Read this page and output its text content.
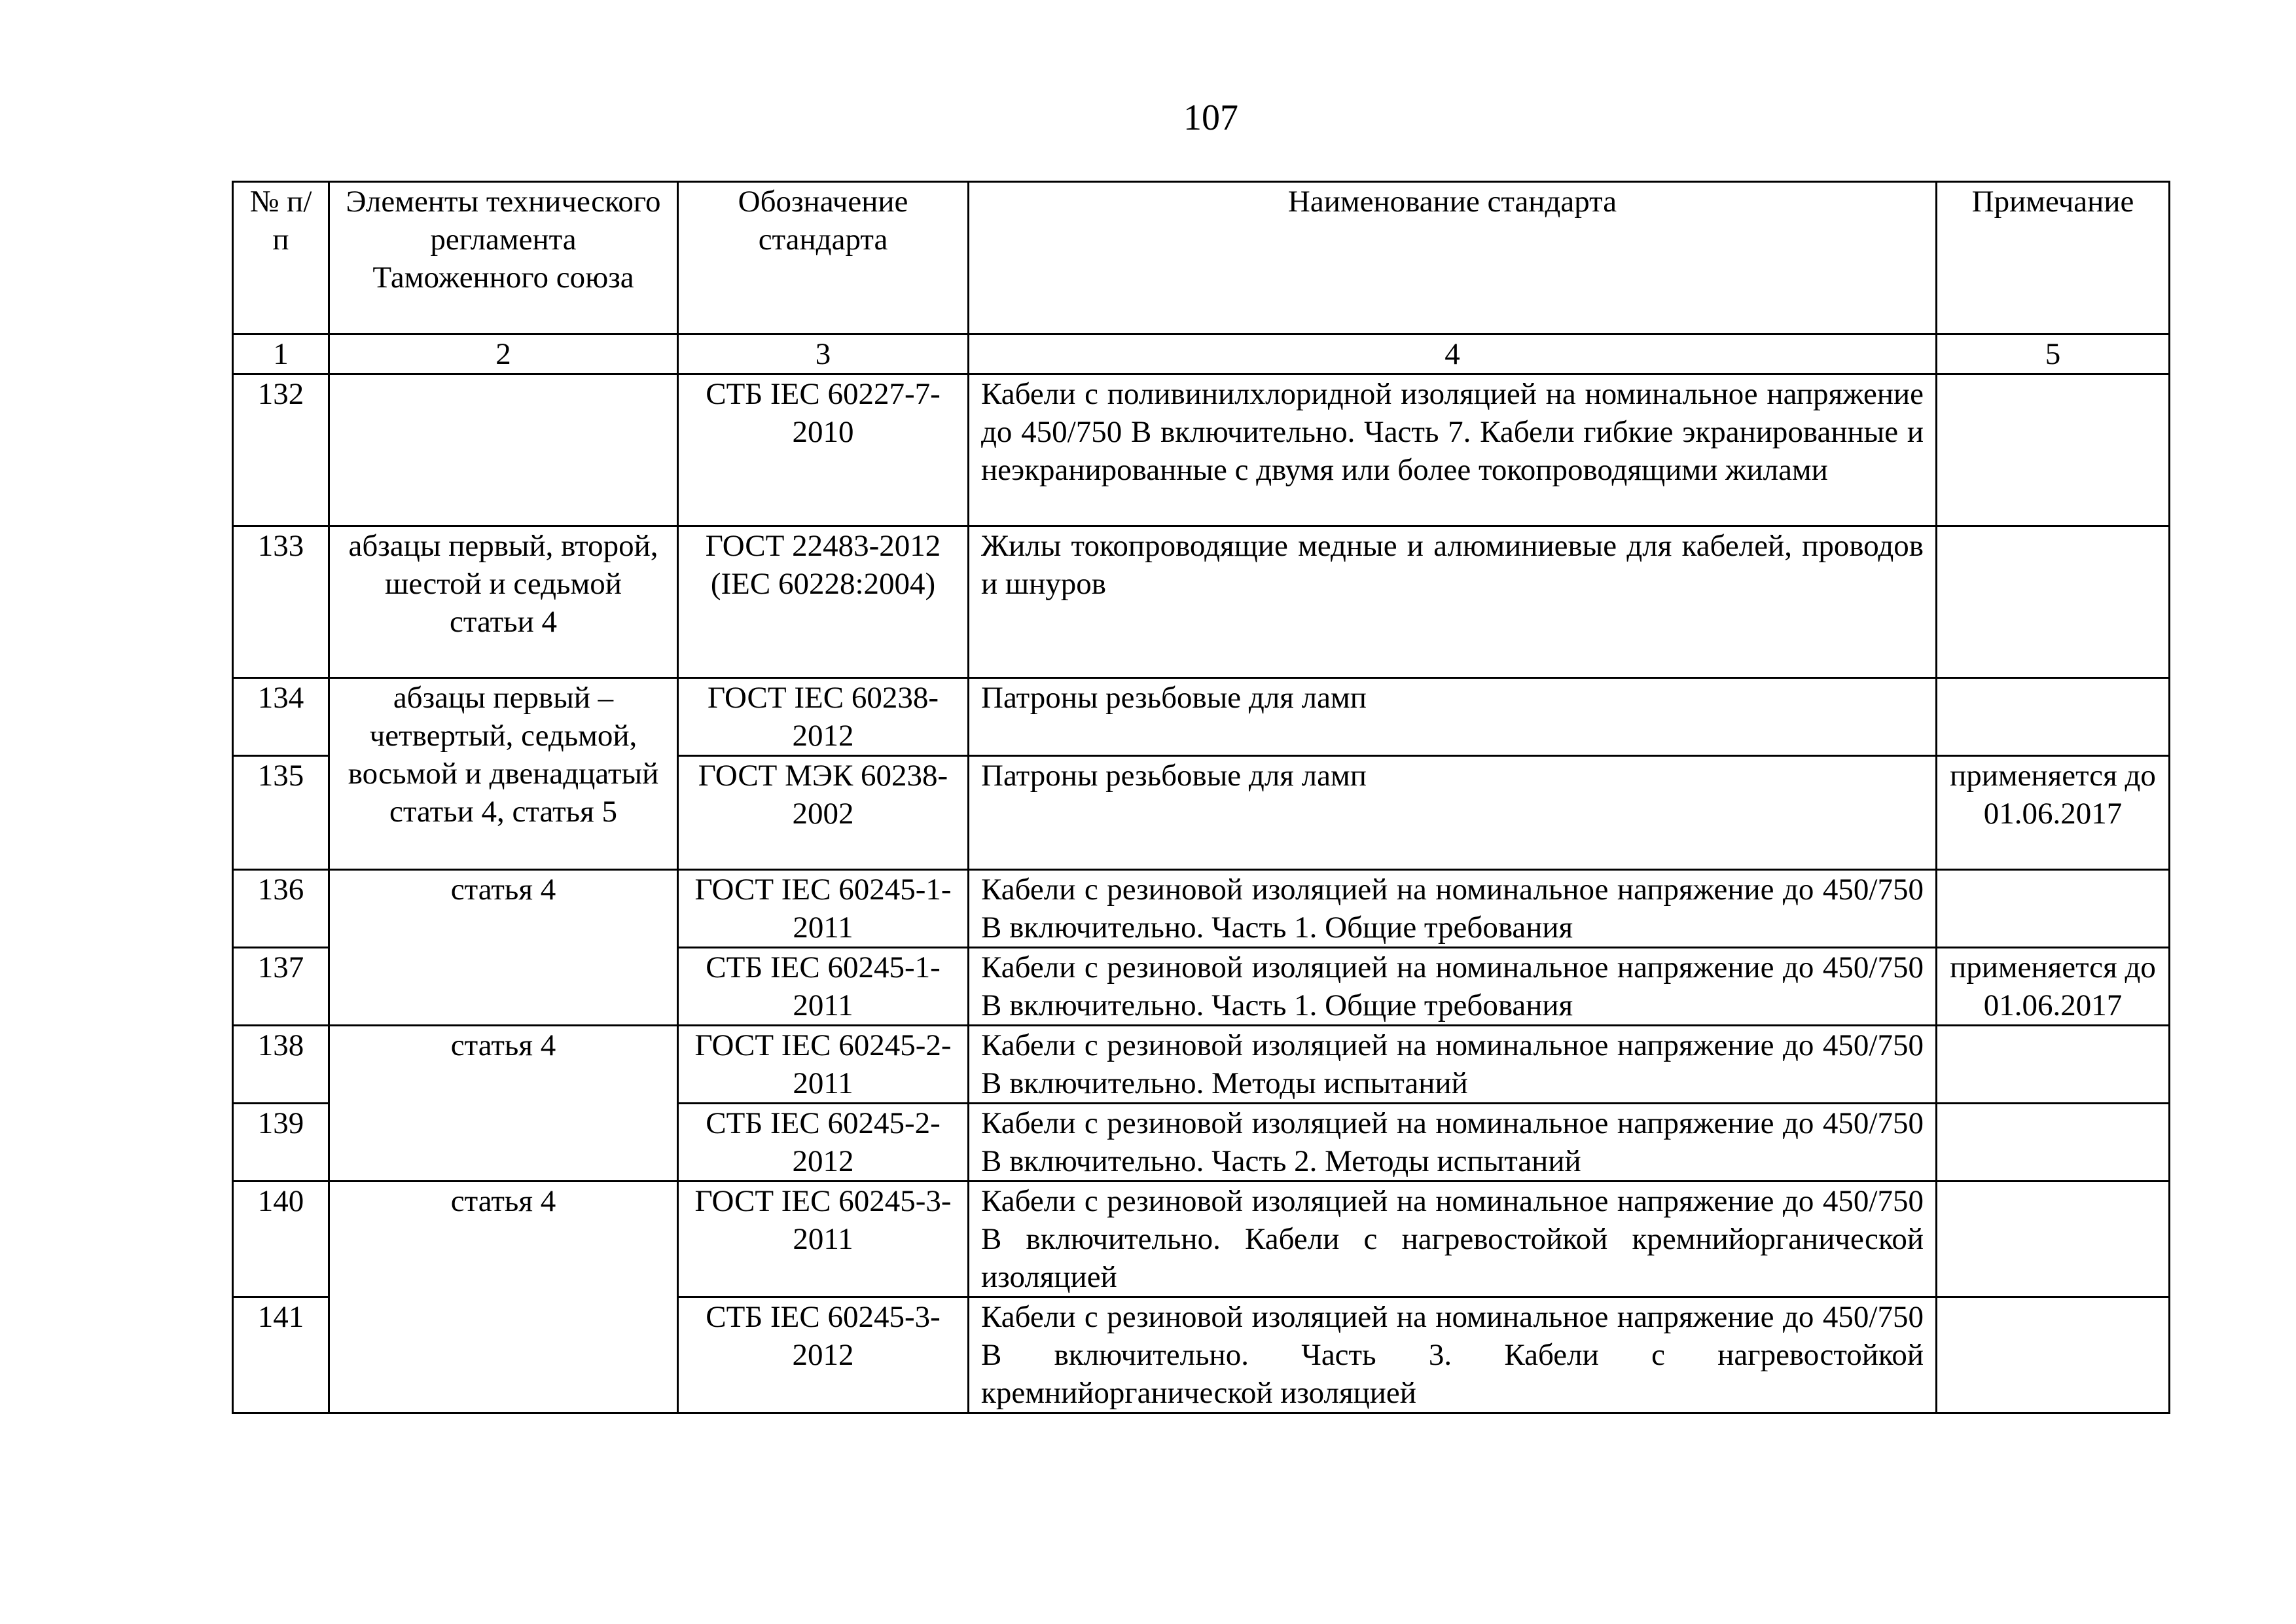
107
№ п/п	Элементы технического регламента Таможенного союза	Обозначение стандарта	Наименование стандарта	Примечание
1	2	3	4	5
132		СТБ IEC 60227-7-2010	Кабели с поливинилхлоридной изоляцией на номинальное напряжение до 450/750 В включительно. Часть 7. Кабели гибкие экранированные и неэкранированные с двумя или более токопроводящими жилами	
133	абзацы первый, второй, шестой и седьмой статьи 4	ГОСТ 22483-2012 (IEC 60228:2004)	Жилы токопроводящие медные и алюминиевые для кабелей, проводов и шнуров	
134	абзацы первый – четвертый, седьмой, восьмой и двенадцатый статьи 4, статья 5	ГОСТ IEC 60238-2012	Патроны резьбовые для ламп	
135		ГОСТ МЭК 60238-2002	Патроны резьбовые для ламп	применяется до 01.06.2017
136	статья 4	ГОСТ IEC 60245-1-2011	Кабели с резиновой изоляцией на номинальное напряжение до 450/750 В включительно. Часть 1. Общие требования	
137		СТБ IEC 60245-1-2011	Кабели с резиновой изоляцией на номинальное напряжение до 450/750 В включительно. Часть 1. Общие требования	применяется до 01.06.2017
138	статья 4	ГОСТ IEC 60245-2-2011	Кабели с резиновой изоляцией на номинальное напряжение до 450/750 В включительно. Методы испытаний	
139		СТБ IEC 60245-2-2012	Кабели с резиновой изоляцией на номинальное напряжение до 450/750 В включительно. Часть 2. Методы испытаний	
140	статья 4	ГОСТ IEC 60245-3-2011	Кабели с резиновой изоляцией на номинальное напряжение до 450/750 В включительно. Кабели с нагревостойкой кремнийорганической изоляцией	
141		СТБ IEC 60245-3-2012	Кабели с резиновой изоляцией на номинальное напряжение до 450/750 В включительно. Часть 3. Кабели с нагревостойкой кремнийорганической изоляцией	
